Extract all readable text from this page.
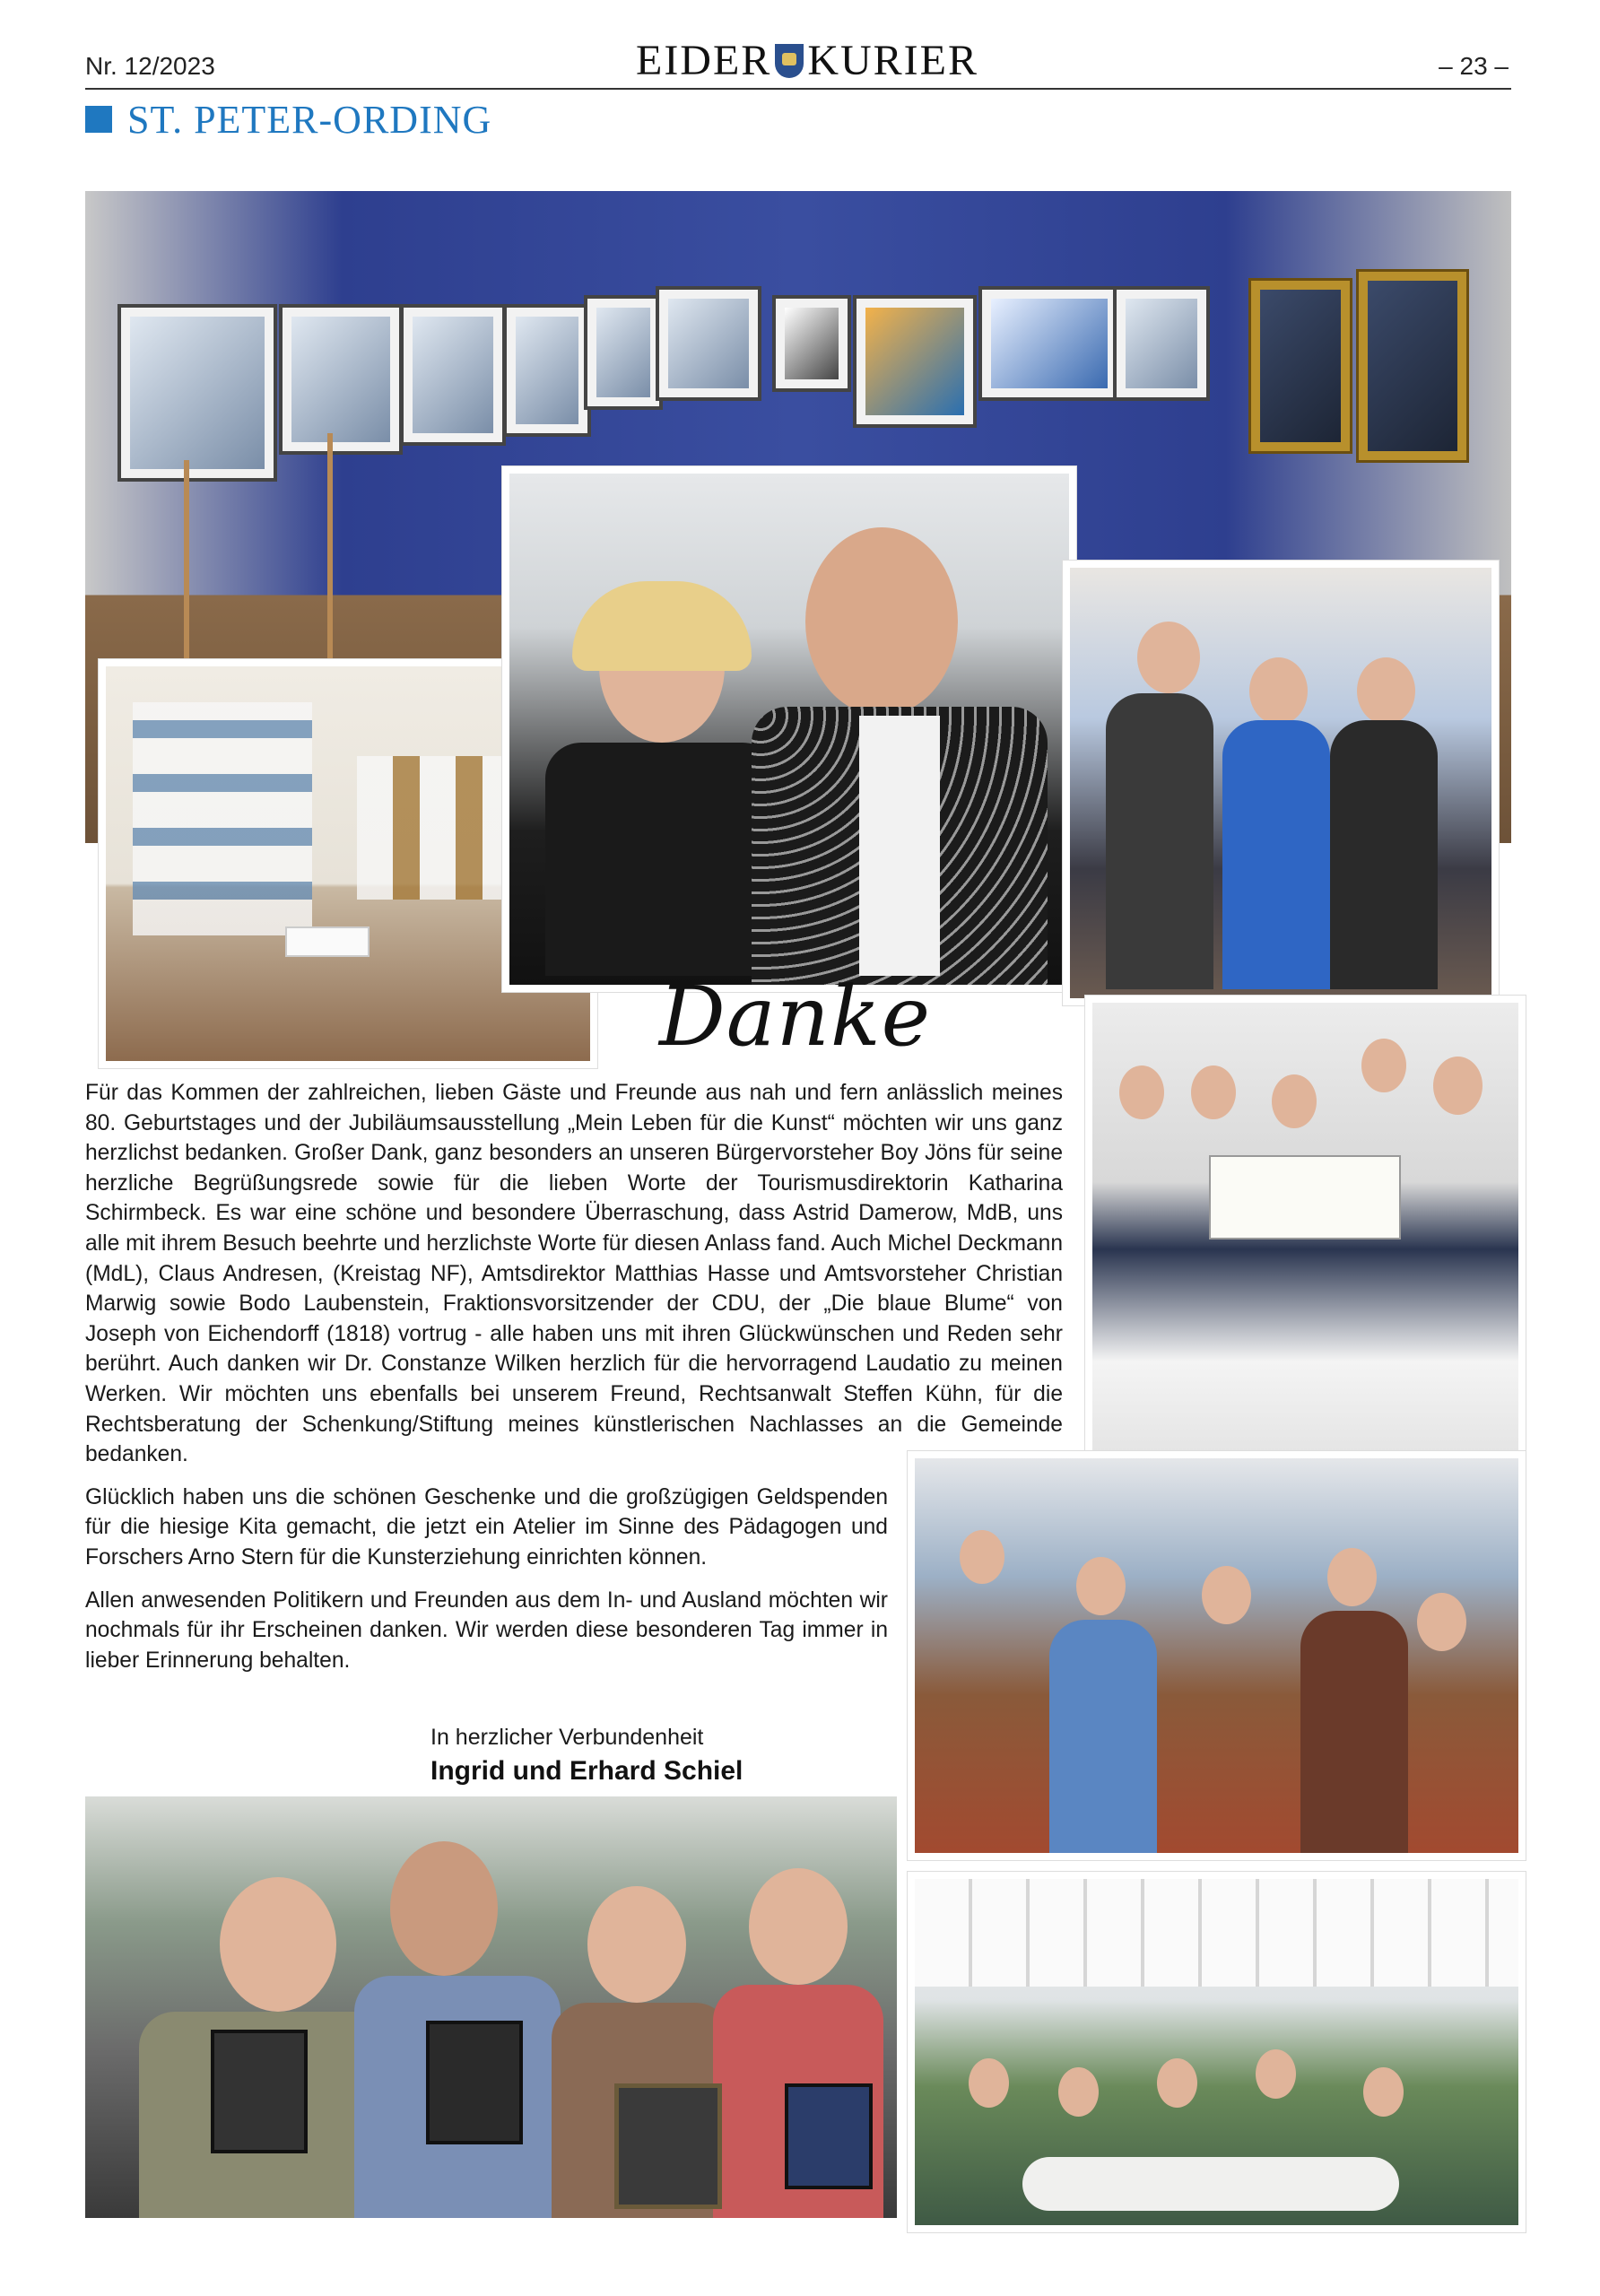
Nr. 12/2023	EIDER KURIER	– 23 –
ST. PETER-ORDING
Danke

Für das Kommen der zahlreichen, lieben Gäste und Freunde aus nah und fern anlässlich meines 80. Geburtstages und der Jubiläumsausstellung „Mein Leben für die Kunst“ möchten wir uns ganz herzlichst bedanken. Großer Dank, ganz besonders an unseren Bürgervorsteher Boy Jöns für seine herzliche Begrüßungsrede sowie für die lieben Worte der Tourismusdirektorin Katharina Schirmbeck. Es war eine schöne und besondere Überraschung, dass Astrid Damerow, MdB, uns alle mit ihrem Besuch beehrte und herzlichste Worte für diesen Anlass fand. Auch Michel Deckmann (MdL), Claus Andresen, (Kreistag NF), Amtsdirektor Matthias Hasse und Amtsvorsteher Christian Marwig sowie Bodo Laubenstein, Fraktionsvorsitzender der CDU, der „Die blaue Blume“ von Joseph von Eichendorff (1818) vortrug - alle haben uns mit ihren Glückwünschen und Reden sehr berührt. Auch danken wir Dr. Constanze Wilken herzlich für die hervorragend Laudatio zu meinen Werken. Wir möchten uns ebenfalls bei unserem Freund, Rechtsanwalt Steffen Kühn, für die Rechtsberatung der Schenkung/Stiftung meines künstlerischen Nachlasses an die Gemeinde bedanken.

Glücklich haben uns die schönen Geschenke und die großzügigen Geldspenden für die hiesige Kita gemacht, die jetzt ein Atelier im Sinne des Pädagogen und Forschers Arno Stern für die Kunsterziehung einrichten können.

Allen anwesenden Politikern und Freunden aus dem In- und Ausland möchten wir nochmals für ihr Erscheinen danken. Wir werden diese besonderen Tag immer in lieber Erinnerung behalten.

In herzlicher Verbundenheit
Ingrid und Erhard Schiel
